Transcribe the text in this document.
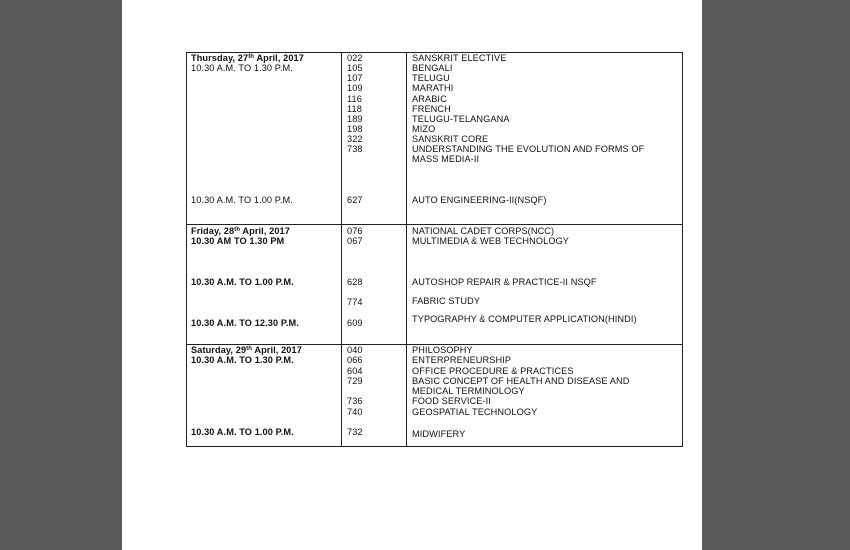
Thursday, 27th April, 2017
10.30 A.M. TO 1.30 P.M.
022	SANSKRIT ELECTIVE
105	BENGALI
107	TELUGU
109	MARATHI
116	ARABIC
118	FRENCH
189	TELUGU-TELANGANA
198	MIZO
322	SANSKRIT CORE
738	UNDERSTANDING THE EVOLUTION AND FORMS OF
MASS MEDIA-II
10.30 A.M. TO 1.00 P.M.	627	AUTO ENGINEERING-II(NSQF)
Friday, 28th April, 2017
10.30 AM TO 1.30 PM
076	NATIONAL CADET CORPS(NCC)
067	MULTIMEDIA & WEB TECHNOLOGY
10.30 A.M. TO 1.00 P.M.	628	AUTOSHOP REPAIR & PRACTICE-II NSQF
774	FABRIC STUDY
10.30 A.M. TO 12.30 P.M.	609	TYPOGRAPHY & COMPUTER APPLICATION(HINDI)
Saturday, 29th April, 2017
10.30 A.M. TO 1.30 P.M.
040	PHILOSOPHY
066	ENTERPRENEURSHIP
604	OFFICE PROCEDURE & PRACTICES
729	BASIC CONCEPT OF HEALTH AND DISEASE AND
MEDICAL TERMINOLOGY
736	FOOD SERVICE-II
740	GEOSPATIAL TECHNOLOGY
10.30 A.M. TO 1.00 P.M.	732	MIDWIFERY
